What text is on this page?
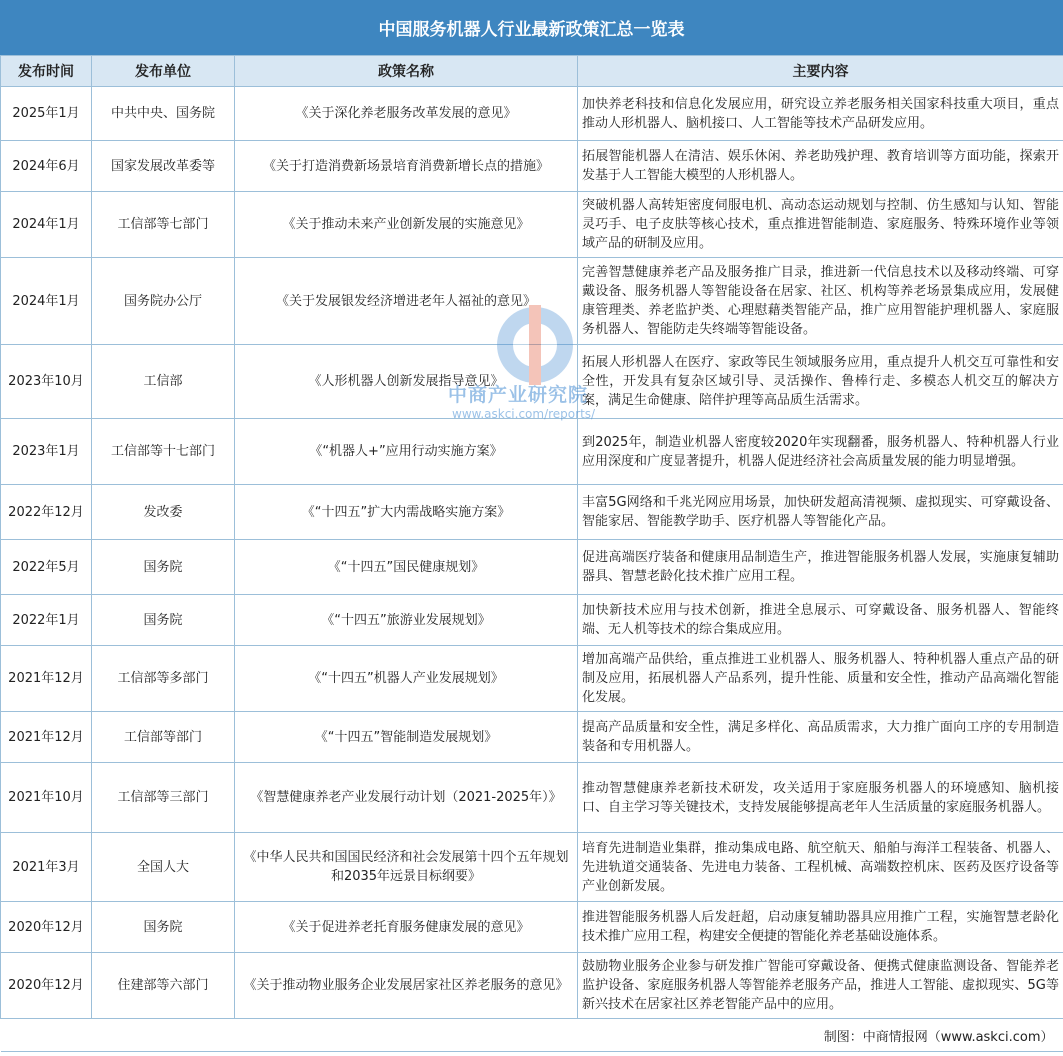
中国服务机器人行业最新政策汇总一览表
发布时间	发布单位	政策名称	主要内容
2025年1月	中共中央、国务院	《关于深化养老服务改革发展的意见》	加快养老科技和信息化发展应用，研究设立养老服务相关国家科技重大项目，重点推动人形机器人、脑机接口、人工智能等技术产品研发应用。
2024年6月	国家发展改革委等	《关于打造消费新场景培育消费新增长点的措施》	拓展智能机器人在清洁、娱乐休闲、养老助残护理、教育培训等方面功能，探索开发基于人工智能大模型的人形机器人。
2024年1月	工信部等七部门	《关于推动未来产业创新发展的实施意见》	突破机器人高转矩密度伺服电机、高动态运动规划与控制、仿生感知与认知、智能灵巧手、电子皮肤等核心技术，重点推进智能制造、家庭服务、特殊环境作业等领域产品的研制及应用。
2024年1月	国务院办公厅	《关于发展银发经济增进老年人福祉的意见》	完善智慧健康养老产品及服务推广目录，推进新一代信息技术以及移动终端、可穿戴设备、服务机器人等智能设备在居家、社区、机构等养老场景集成应用，发展健康管理类、养老监护类、心理慰藉类智能产品，推广应用智能护理机器人、家庭服务机器人、智能防走失终端等智能设备。
2023年10月	工信部	《人形机器人创新发展指导意见》	拓展人形机器人在医疗、家政等民生领域服务应用，重点提升人机交互可靠性和安全性，开发具有复杂区域引导、灵活操作、鲁棒行走、多模态人机交互的解决方案，满足生命健康、陪伴护理等高品质生活需求。
2023年1月	工信部等十七部门	《“机器人+”应用行动实施方案》	到2025年，制造业机器人密度较2020年实现翻番，服务机器人、特种机器人行业应用深度和广度显著提升，机器人促进经济社会高质量发展的能力明显增强。
2022年12月	发改委	《“十四五”扩大内需战略实施方案》	丰富5G网络和千兆光网应用场景，加快研发超高清视频、虚拟现实、可穿戴设备、智能家居、智能教学助手、医疗机器人等智能化产品。
2022年5月	国务院	《“十四五”国民健康规划》	促进高端医疗装备和健康用品制造生产，推进智能服务机器人发展，实施康复辅助器具、智慧老龄化技术推广应用工程。
2022年1月	国务院	《“十四五”旅游业发展规划》	加快新技术应用与技术创新，推进全息展示、可穿戴设备、服务机器人、智能终端、无人机等技术的综合集成应用。
2021年12月	工信部等多部门	《“十四五”机器人产业发展规划》	增加高端产品供给，重点推进工业机器人、服务机器人、特种机器人重点产品的研制及应用，拓展机器人产品系列，提升性能、质量和安全性，推动产品高端化智能化发展。
2021年12月	工信部等部门	《“十四五”智能制造发展规划》	提高产品质量和安全性，满足多样化、高品质需求，大力推广面向工序的专用制造装备和专用机器人。
2021年10月	工信部等三部门	《智慧健康养老产业发展行动计划（2021-2025年）》	推动智慧健康养老新技术研发，攻关适用于家庭服务机器人的环境感知、脑机接口、自主学习等关键技术，支持发展能够提高老年人生活质量的家庭服务机器人。
2021年3月	全国人大	《中华人民共和国国民经济和社会发展第十四个五年规划和2035年远景目标纲要》	培育先进制造业集群，推动集成电路、航空航天、船舶与海洋工程装备、机器人、先进轨道交通装备、先进电力装备、工程机械、高端数控机床、医药及医疗设备等产业创新发展。
2020年12月	国务院	《关于促进养老托育服务健康发展的意见》	推进智能服务机器人后发赶超，启动康复辅助器具应用推广工程，实施智慧老龄化技术推广应用工程，构建安全便捷的智能化养老基础设施体系。
2020年12月	住建部等六部门	《关于推动物业服务企业发展居家社区养老服务的意见》	鼓励物业服务企业参与研发推广智能可穿戴设备、便携式健康监测设备、智能养老监护设备、家庭服务机器人等智能养老服务产品，推进人工智能、虚拟现实、5G等新兴技术在居家社区养老智能产品中的应用。
制图：中商情报网（www.askci.com）			
中商产业研究院
www.askci.com/reports/
